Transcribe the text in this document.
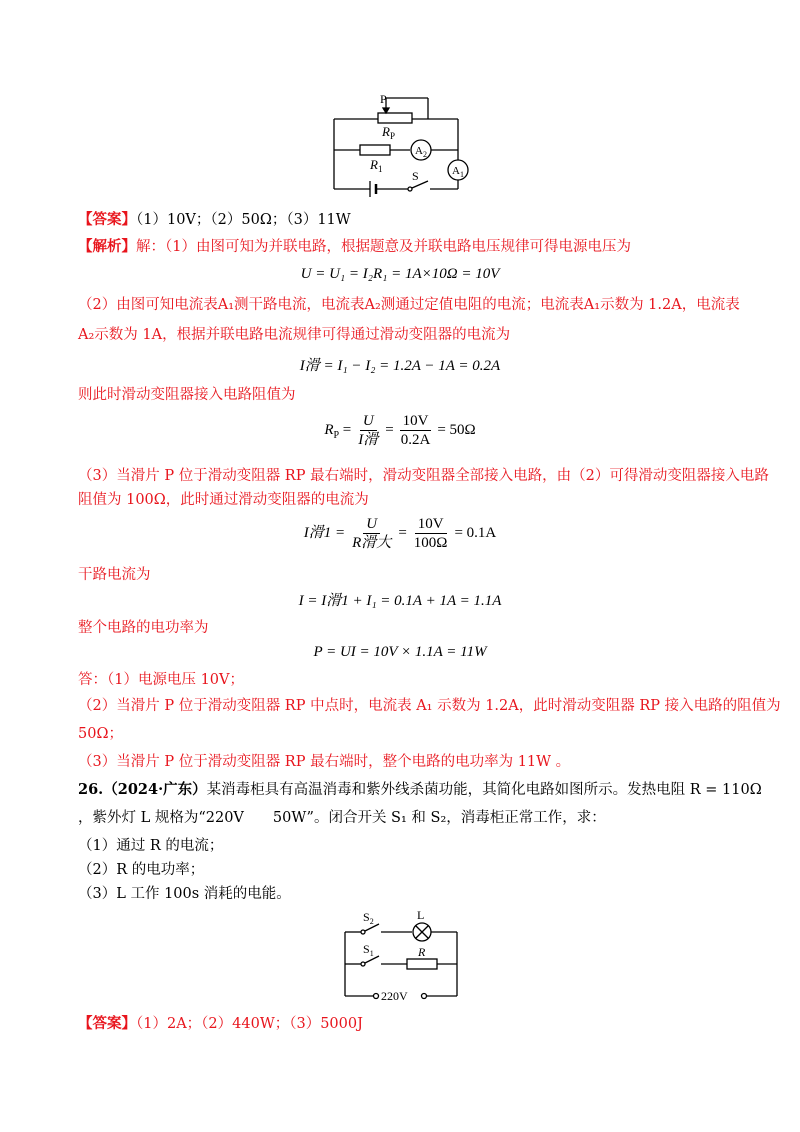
P
$R_P$
$R_1$
$A_2$
$A_1$
S
【答案】（1）10V；（2）50Ω；（3）11W
【解析】解：（1）由图可知为并联电路，根据题意及并联电路电压规律可得电源电压为
U = U₁ = I₂R₁ = 1A×10Ω = 10V
（2）由图可知电流表A₁测干路电流，电流表A₂测通过定值电阻的电流；电流表A₁示数为 1.2A，电流表
A₂示数为 1A，根据并联电路电流规律可得通过滑动变阻器的电流为
I滑 = I₁ − I₂ = 1.2A − 1A = 0.2A
则此时滑动变阻器接入电路阻值为
$R_P = \frac{U}{\text{I滑}} = \frac{10V}{0.2A} = 50\Omega$
（3）当滑片 P 位于滑动变阻器 RP 最右端时，滑动变阻器全部接入电路，由（2）可得滑动变阻器接入电路
阻值为 100Ω，此时通过滑动变阻器的电流为
I滑$1 = \frac{U}{\text{R滑大}} = \frac{10V}{100\Omega} = 0.1A$
干路电流为
I = I滑1 + I₁ = 0.1A + 1A = 1.1A
整个电路的电功率为
P = UI = 10V × 1.1A = 11W
答：（1）电源电压 10V；
（2）当滑片 P 位于滑动变阻器 RP 中点时，电流表 A₁ 示数为 1.2A，此时滑动变阻器 RP 接入电路的阻值为
50Ω；
（3）当滑片 P 位于滑动变阻器 RP 最右端时，整个电路的电功率为 11W 。
26.（2024·广东）某消毒柜具有高温消毒和紫外线杀菌功能，其简化电路如图所示。发热电阻 R = 110Ω
，紫外灯 L 规格为“220V　　50W”。闭合开关 S₁ 和 S₂，消毒柜正常工作，求：
（1）通过 R 的电流；
（2）R 的电功率；
（3）L 工作 100s 消耗的电能。
$S_2$	L
$S_1$	R
220V
【答案】（1）2A；（2）440W；（3）5000J
